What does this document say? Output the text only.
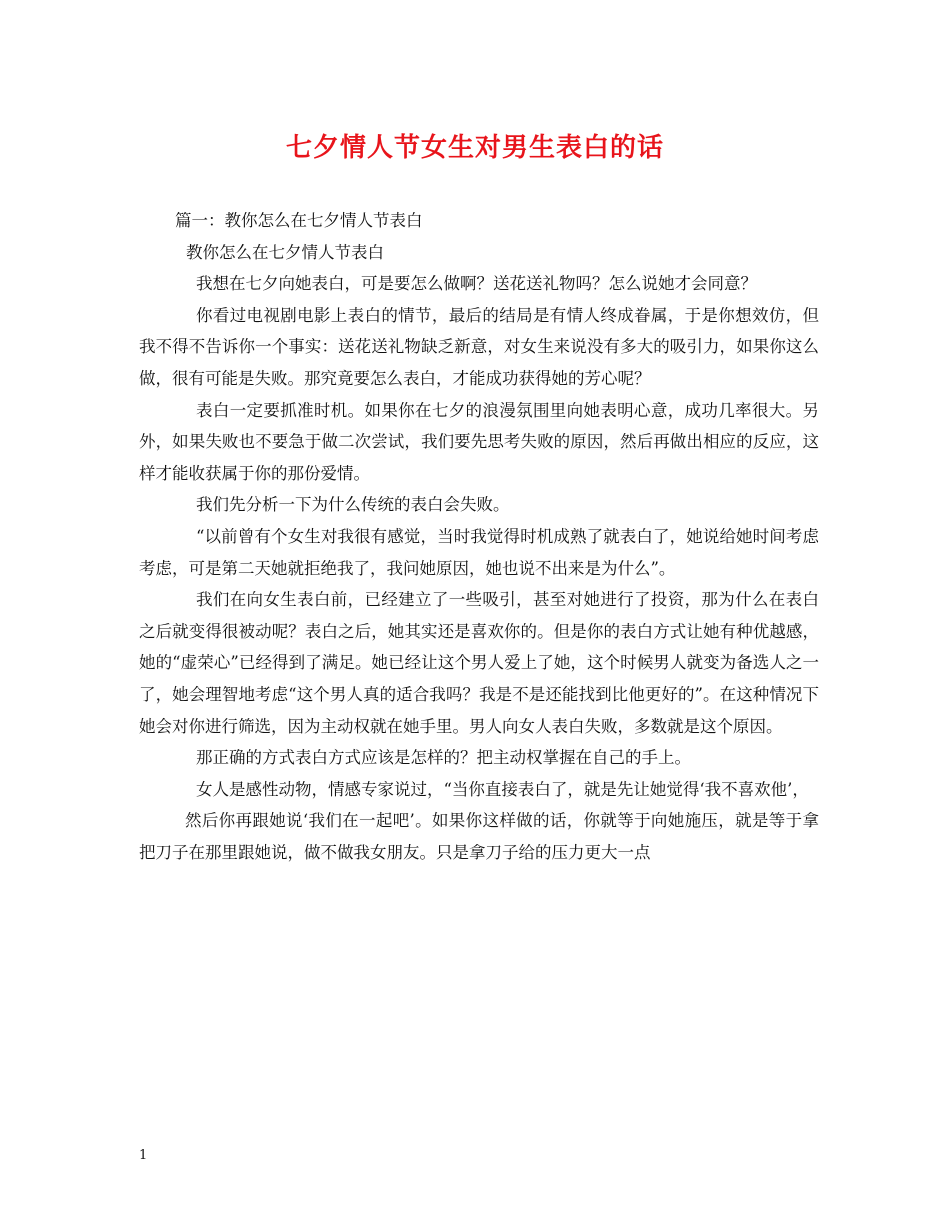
七夕情人节女生对男生表白的话

篇一：教你怎么在七夕情人节表白

教你怎么在七夕情人节表白

我想在七夕向她表白，可是要怎么做啊？送花送礼物吗？怎么说她才会同意？

你看过电视剧电影上表白的情节，最后的结局是有情人终成眷属，于是你想效仿，但我不得不告诉你一个事实：送花送礼物缺乏新意，对女生来说没有多大的吸引力，如果你这么做，很有可能是失败。那究竟要怎么表白，才能成功获得她的芳心呢？

表白一定要抓准时机。如果你在七夕的浪漫氛围里向她表明心意，成功几率很大。另外，如果失败也不要急于做二次尝试，我们要先思考失败的原因，然后再做出相应的反应，这样才能收获属于你的那份爱情。

我们先分析一下为什么传统的表白会失败。

“以前曾有个女生对我很有感觉，当时我觉得时机成熟了就表白了，她说给她时间考虑考虑，可是第二天她就拒绝我了，我问她原因，她也说不出来是为什么”。

我们在向女生表白前，已经建立了一些吸引，甚至对她进行了投资，那为什么在表白之后就变得很被动呢？表白之后，她其实还是喜欢你的。但是你的表白方式让她有种优越感，她的“虚荣心”已经得到了满足。她已经让这个男人爱上了她，这个时候男人就变为备选人之一了，她会理智地考虑“这个男人真的适合我吗？我是不是还能找到比他更好的”。在这种情况下她会对你进行筛选，因为主动权就在她手里。男人向女人表白失败，多数就是这个原因。

那正确的方式表白方式应该是怎样的？把主动权掌握在自己的手上。

女人是感性动物，情感专家说过，“当你直接表白了，就是先让她觉得‘我不喜欢他’，

然后你再跟她说‘我们在一起吧’。如果你这样做的话，你就等于向她施压，就是等于拿把刀子在那里跟她说，做不做我女朋友。只是拿刀子给的压力更大一点

1
